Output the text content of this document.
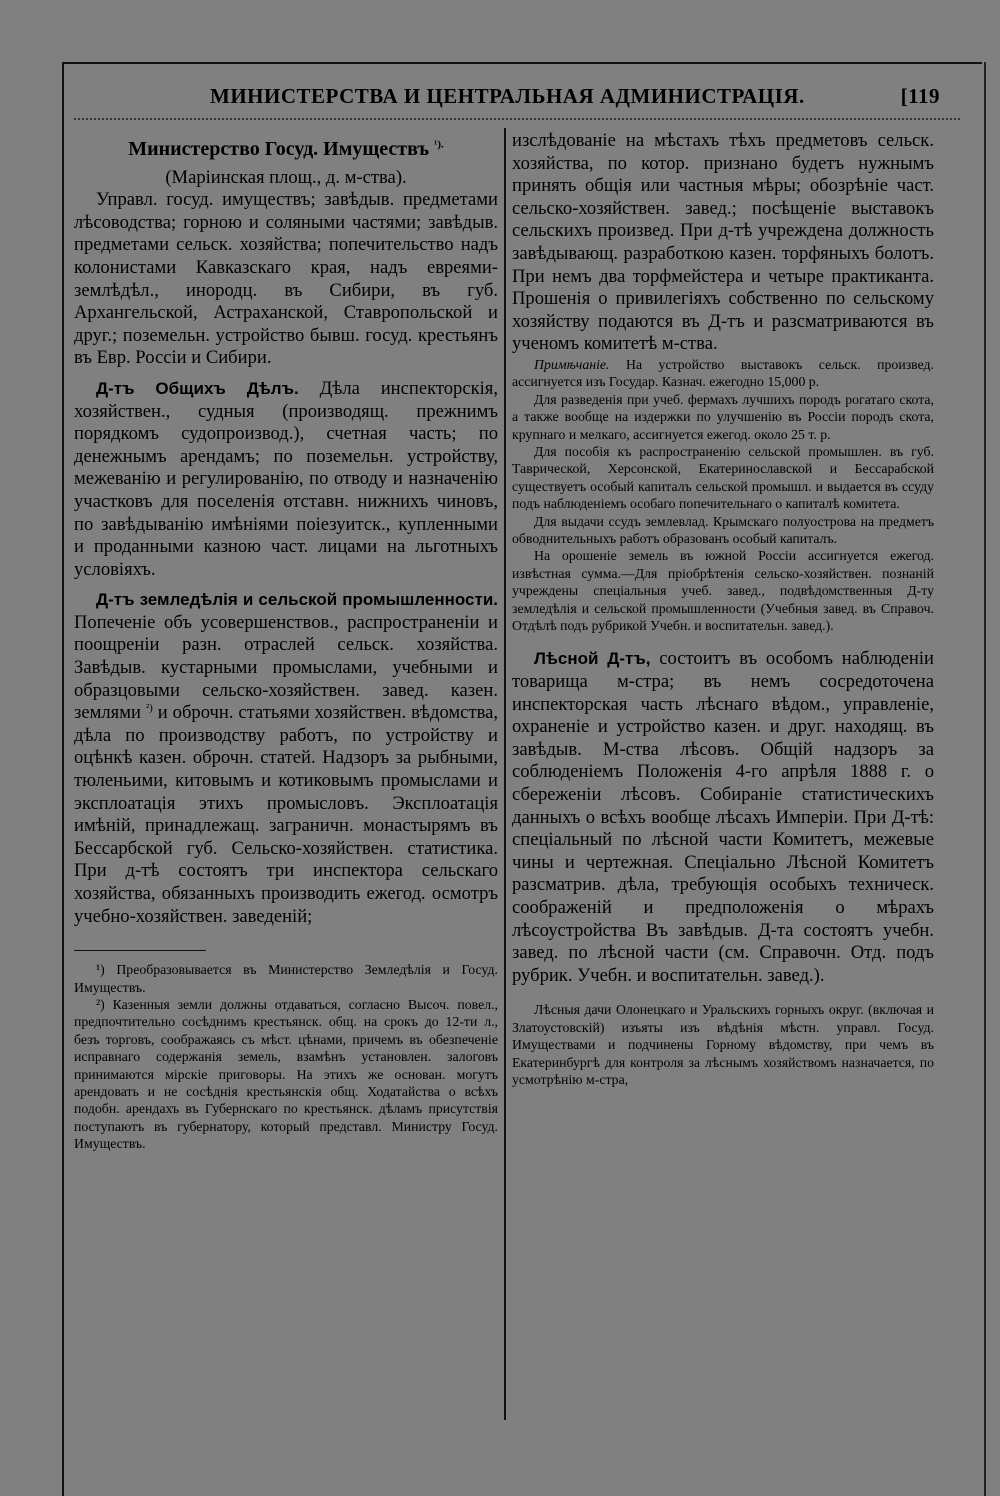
МИНИСТЕРСТВА И ЦЕНТРАЛЬНАЯ АДМИНИСТРАЦІЯ.	[119
Министерство Госуд. Имуществъ $^{^1).}$

(Маріинская площ., д. м-ства).

Управл. госуд. имуществъ; завѣдыв. предметами лѣсоводства; горною и соляными частями; завѣдыв. предметами сельск. хозяйства; попечительство надъ колонистами Кавказскаго края, надъ евреями-землѣдѣл., инородц. въ Сибири, въ губ. Архангельской, Астраханской, Ставропольской и друг.; поземельн. устройство бывш. госуд. крестьянъ въ Евр. Россіи и Сибири.

Д-тъ Общихъ Дѣлъ. Дѣла инспекторскія, хозяйствен., судныя (производящ. прежнимъ порядкомъ судопроизвод.), счетная часть; по денежнымъ арендамъ; по поземельн. устройству, межеванію и регулированію, по отводу и назначенію участковъ для поселенія отставн. нижнихъ чиновъ, по завѣдыванію имѣніями поіезуитск., купленными и проданными казною част. лицами на льготныхъ условіяхъ.

Д-тъ земледѣлія и сельской промышленности. Попеченіе объ усовершенствов., распространеніи и поощреніи разн. отраслей сельск. хозяйства. Завѣдыв. кустарными промыслами, учебными и образцовыми сельско-хозяйствен. завед. казен. землями $^{^2)}$ и оброчн. статьями хозяйствен. вѣдомства, дѣла по производству работъ, по устройству и оцѣнкѣ казен. оброчн. статей. Надзоръ за рыбными, тюленьими, китовымъ и котиковымъ промыслами и эксплоатація этихъ промысловъ. Эксплоатація имѣній, принадлежащ. заграничн. монастырямъ въ Бессарбской губ. Сельско-хозяйствен. статистика. При д-тѣ состоятъ три инспектора сельскаго хозяйства, обязанныхъ производить ежегод. осмотръ учебно-хозяйствен. заведеній;

¹) Преобразовывается въ Министерство Земледѣлія и Госуд. Имуществъ.

²) Казенныя земли должны отдаваться, согласно Высоч. повел., предпочтительно сосѣднимъ крестьянск. общ. на срокъ до 12-ти л., безъ торговъ, соображаясь съ мѣст. цѣнами, причемъ въ обезпеченіе исправнаго содержанія земель, взамѣнъ установлен. залоговъ принимаются мірскіе приговоры. На этихъ же основан. могутъ арендовать и не сосѣднія крестьянскія общ. Ходатайства о всѣхъ подобн. арендахъ въ Губернскаго по крестьянск. дѣламъ присутствія поступаютъ въ губернатору, который представл. Министру Госуд. Имуществъ.

изслѣдованіе на мѣстахъ тѣхъ предметовъ сельск. хозяйства, по котор. признано будетъ нужнымъ принять общія или частныя мѣры; обозрѣніе част. сельско-хозяйствен. завед.; посѣщеніе выставокъ сельскихъ произвед. При д-тѣ учреждена должность завѣдывающ. разработкою казен. торфяныхъ болотъ. При немъ два торфмейстера и четыре практиканта. Прошенія о привилегіяхъ собственно по сельскому хозяйству подаются въ Д-тъ и разсматриваются въ ученомъ комитетѣ м-ства.

Примѣчаніе. На устройство выставокъ сельск. произвед. ассигнуется изъ Государ. Казнач. ежегодно 15,000 р.

Для разведенія при учеб. фермахъ лучшихъ породъ рогатаго скота, а также вообще на издержки по улучшенію въ Россіи породъ скота, крупнаго и мелкаго, ассигнуется ежегод. около 25 т. р.

Для пособія къ распространенію сельской промышлен. въ губ. Таврической, Херсонской, Екатеринославской и Бессарабской существуетъ особый капиталъ сельской промышл. и выдается въ ссуду подъ наблюденіемъ особаго попечительнаго о капиталѣ комитета.

Для выдачи ссудъ землевлад. Крымскаго полуострова на предметъ обводнительныхъ работъ образованъ особый капиталъ.

На орошеніе земель въ южной Россіи ассигнуется ежегод. извѣстная сумма.—Для пріобрѣтенія сельско-хозяйствен. познаній учреждены спеціальныя учеб. завед., подвѣдомственныя Д-ту земледѣлія и сельской промышленности (Учебныя завед. въ Справоч. Отдѣлѣ подъ рубрикой Учебн. и воспитательн. завед.).

Лѣсной Д-тъ, состоитъ въ особомъ наблюденіи товарища м-стра; въ немъ сосредоточена инспекторская часть лѣснаго вѣдом., управленіе, охраненіе и устройство казен. и друг. находящ. въ завѣдыв. М-ства лѣсовъ. Общій надзоръ за соблюденіемъ Положенія 4-го апрѣля 1888 г. о сбереженіи лѣсовъ. Собираніе статистическихъ данныхъ о всѣхъ вообще лѣсахъ Имперіи. При Д-тѣ: спеціальный по лѣсной части Комитетъ, межевые чины и чертежная. Спеціально Лѣсной Комитетъ разсматрив. дѣла, требующія особыхъ техническ. соображеній и предположенія о мѣрахъ лѣсоустройства Въ завѣдыв. Д-та состоятъ учебн. завед. по лѣсной части (см. Справочн. Отд. подъ рубрик. Учебн. и воспитательн. завед.).

Лѣсныя дачи Олонецкаго и Уральскихъ горныхъ округ. (включая и Златоустовскій) изъяты изъ вѣдѣнія мѣстн. управл. Госуд. Имуществами и подчинены Горному вѣдомству, при чемъ въ Екатеринбургѣ для контроля за лѣснымъ хозяйствомъ назначается, по усмотрѣнію м-стра,
